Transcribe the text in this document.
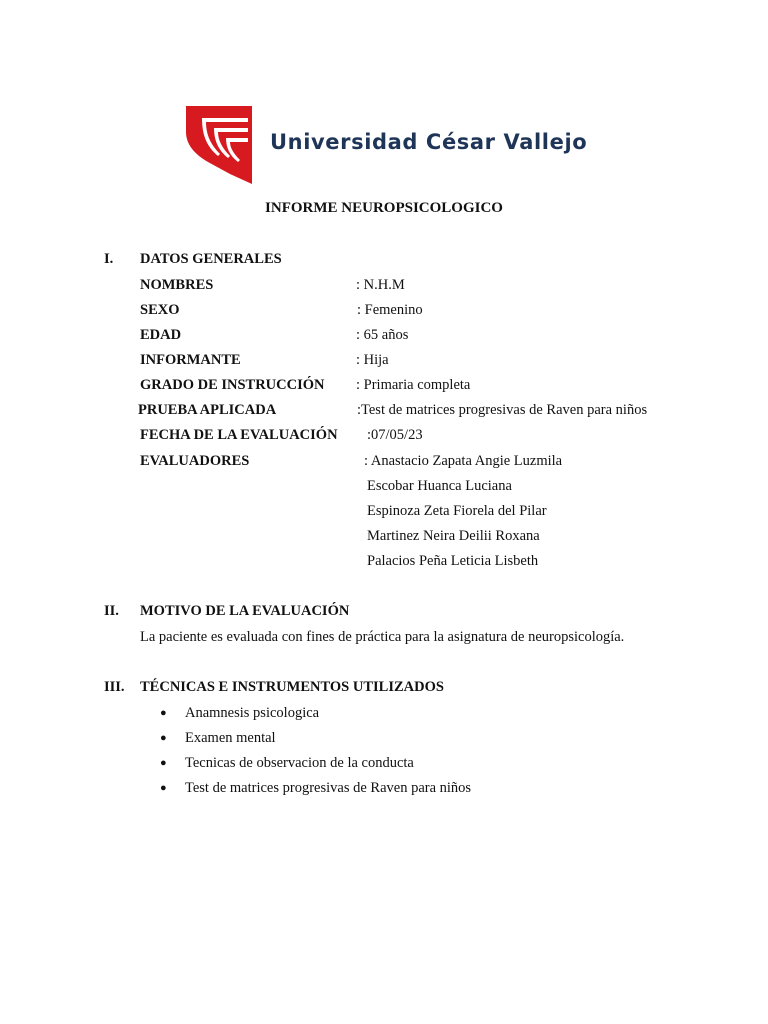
Universidad César Vallejo
INFORME NEUROPSICOLOGICO
I. DATOS GENERALES
NOMBRES	: N.H.M
SEXO	: Femenino
EDAD	: 65 años
INFORMANTE	: Hija
GRADO DE INSTRUCCIÓN : Primaria completa
PRUEBA APLICADA	:Test de matrices progresivas de Raven para niños
FECHA DE LA EVALUACIÓN :07/05/23
EVALUADORES	: Anastacio Zapata Angie Luzmila
Escobar Huanca Luciana
Espinoza Zeta Fiorela del Pilar
Martinez Neira Deilii Roxana
Palacios Peña Leticia Lisbeth
II. MOTIVO DE LA EVALUACIÓN
La paciente es evaluada con fines de práctica para la asignatura de neuropsicología.
III. TÉCNICAS E INSTRUMENTOS UTILIZADOS
● Anamnesis psicologica
● Examen mental
● Tecnicas de observacion de la conducta
● Test de matrices progresivas de Raven para niños
